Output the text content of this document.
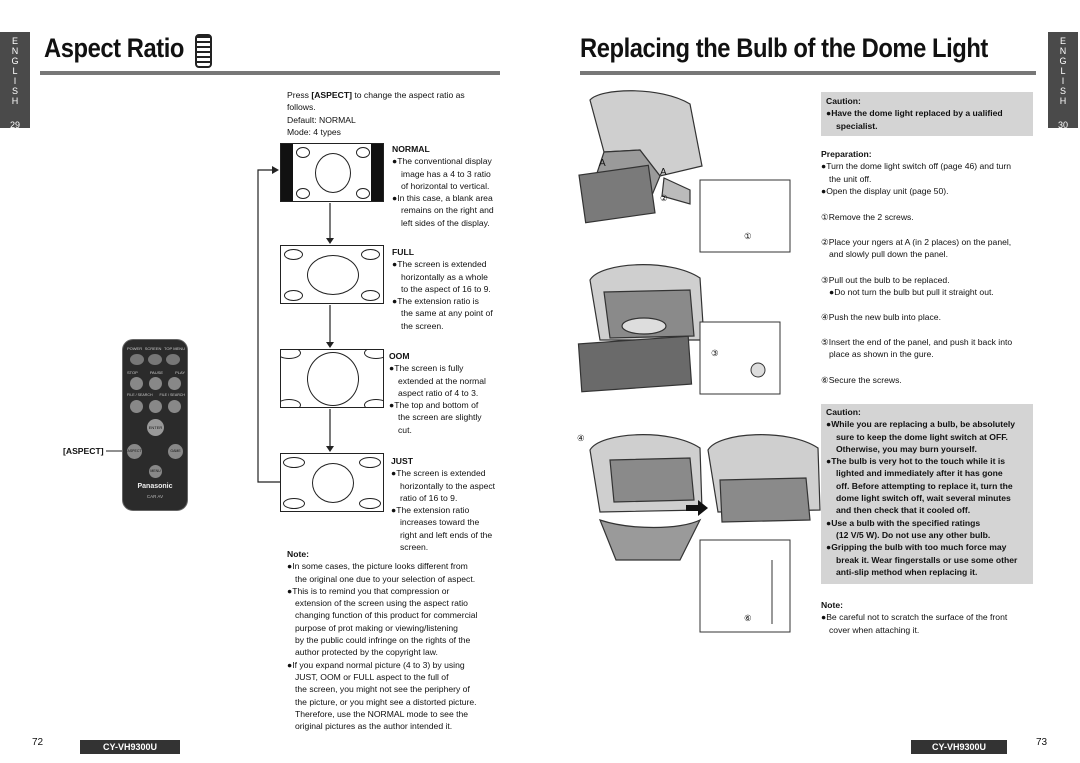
E
N
G
L
I
S
H
29
Aspect Ratio
Press [ASPECT] to change the aspect ratio as
follows.
Default: NORMAL
Mode: 4 types
NORMAL
●The conventional display
image has a 4 to 3 ratio
of horizontal to vertical.
●In this case, a blank area
remains on the right and
left sides of the display.
FULL
●The screen is extended
horizontally as a whole
to the aspect of 16 to 9.
●The extension ratio is
the same at any point of
the screen.
OOM
●The screen is fully
extended at the normal
aspect ratio of 4 to 3.
●The top and bottom of
the screen are slightly
cut.
JUST
●The screen is extended
horizontally to the aspect
ratio of 16 to 9.
●The extension ratio
increases toward the
right and left ends of the
screen.
POWER SCREEN TOP MENU
STOP	PAUSE	PLAY
FILE / SEARCH FILE / SEARCH
ENTER
ASPECT	GAME
MENU
Panasonic
CAR AV
[ASPECT]
Note:
●In some cases, the picture looks different from
the original one due to your selection of aspect.
●This is to remind you that compression or
extension of the screen using the aspect ratio
changing function of this product for commercial
purpose of prot making or viewing/listening
by the public could infringe on the rights of the
author protected by the copyright law.
●If you expand normal picture (4 to 3) by using
JUST, OOM or FULL aspect to the full of
the screen, you might not see the periphery of
the picture, or you might see a distorted picture.
Therefore, use the NORMAL mode to see the
original pictures as the author intended it.
72	CY-VH9300U
E
N
G
L
I
S
H
30
Replacing the Bulb of the Dome Light
Caution:
●Have the dome light replaced by a ualified
specialist.
Preparation:
●Turn the dome light switch off (page 46) and turn
the unit off.
●Open the display unit (page 50).
①Remove the 2 screws.
②Place your ngers at A (in 2 places) on the panel,
and slowly pull down the panel.
③Pull out the bulb to be replaced.
●Do not turn the bulb but pull it straight out.
④Push the new bulb into place.
⑤Insert the end of the panel, and push it back into
place as shown in the gure.
⑥Secure the screws.
Caution:
●While you are replacing a bulb, be absolutely
sure to keep the dome light switch at OFF.
Otherwise, you may burn yourself.
●The bulb is very hot to the touch while it is
lighted and immediately after it has gone
off. Before attempting to replace it, turn the
dome light switch off, wait several minutes
and then check that it cooled off.
●Use a bulb with the specified ratings
(12 V/5 W). Do not use any other bulb.
●Gripping the bulb with too much force may
break it. Wear fingerstalls or use some other
anti-slip method when replacing it.
Note:
●Be careful not to scratch the surface of the front
cover when attaching it.
A
A
②
①
③
④
⑥
CY-VH9300U	73
